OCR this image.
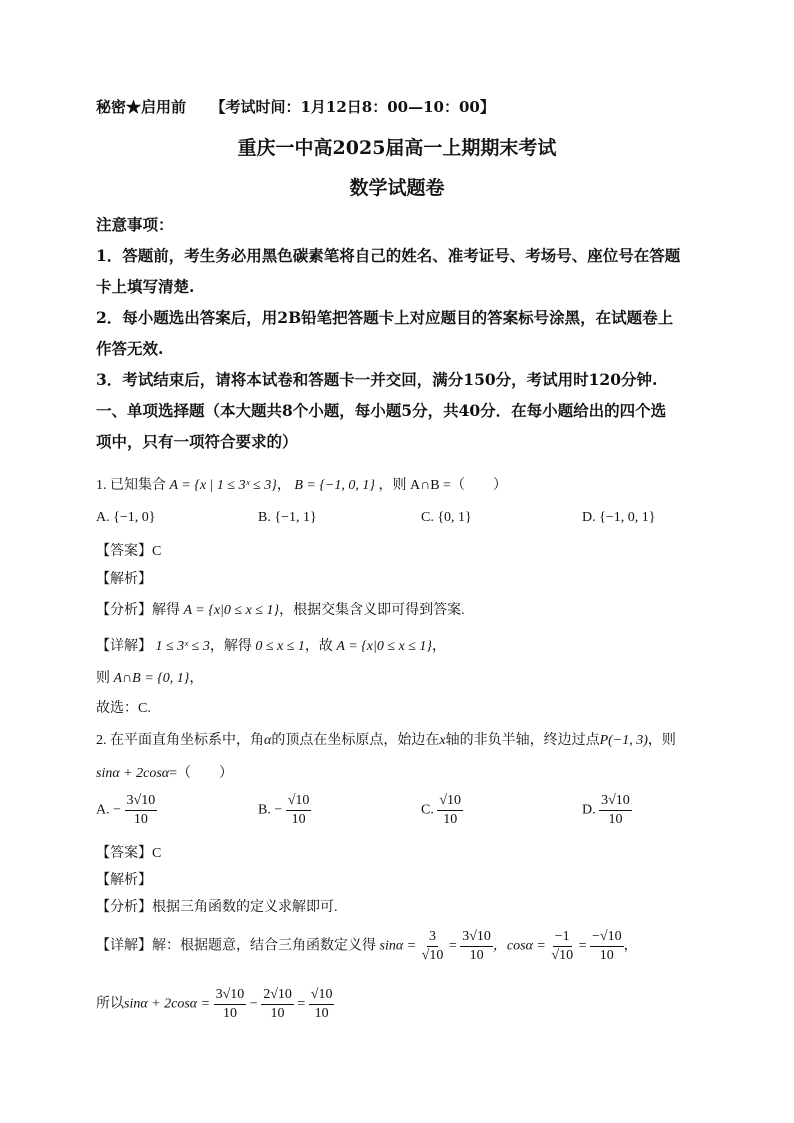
秘密★启用前 【考试时间：1月12日8：00—10：00】
重庆一中高2025届高一上期期末考试
数学试题卷
注意事项：
1．答题前，考生务必用黑色碳素笔将自己的姓名、准考证号、考场号、座位号在答题
卡上填写清楚.
2．每小题选出答案后，用2B铅笔把答题卡上对应题目的答案标号涂黑，在试题卷上
作答无效.
3．考试结束后，请将本试卷和答题卡一并交回，满分150分，考试用时120分钟.
一、单项选择题（本大题共8个小题，每小题5分，共40分．在每小题给出的四个选
项中，只有一项符合要求的）
1. 已知集合 A = {x | 1 ≤ 3ˣ ≤ 3}， B = {−1, 0, 1} ，则 A∩B =（　　）
A. {−1, 0}	B. {−1, 1}	C. {0, 1}	D. {−1, 0, 1}
【答案】C
【解析】
【分析】解得 A = {x|0 ≤ x ≤ 1}，根据交集含义即可得到答案.
【详解】 1 ≤ 3ˣ ≤ 3，解得 0 ≤ x ≤ 1，故 A = {x|0 ≤ x ≤ 1}，
则 A∩B = {0, 1}，
故选：C.
2. 在平面直角坐标系中，角α的顶点在坐标原点，始边在x轴的非负半轴，终边过点P(−1, 3)，则
sinα + 2cosα=（　　）
A. − $\frac{3√10}{10}$	B. − $\frac{√10}{10}$	C. $\frac{√10}{10}$	D. $\frac{3√10}{10}$
【答案】C
【解析】
【分析】根据三角函数的定义求解即可.
【详解】解：根据题意，结合三角函数定义得 $\sin\alpha = \frac{3}{√10} = \frac{3√10}{10}$ ，$\cos\alpha = \frac{-1}{√10} = \frac{-√10}{10}$ ，
所以$\sin\alpha + 2\cos\alpha = \frac{3√10}{10} - \frac{2√10}{10} = \frac{√10}{10}$
